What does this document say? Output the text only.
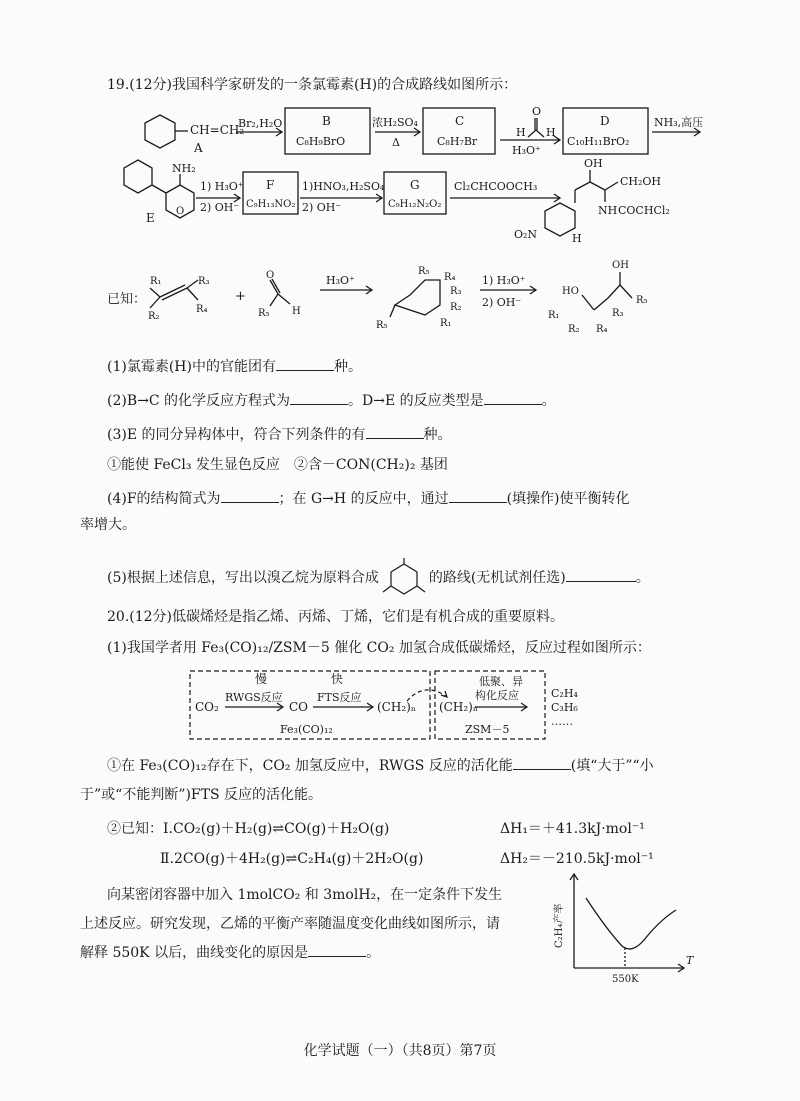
19.(12分)我国科学家研发的一条氯霉素(H)的合成路线如图所示：
CH=CH₂
A
Br₂,H₂O	B
C₈H₉BrO
浓H₂SO₄
Δ
C
C₈H₇Br
O
H H
H₃O⁺
D
C₁₀H₁₁BrO₂
NH₃,高压
NH₂
O
E
1) H₃O⁺
2) OH⁻
F
C₉H₁₃NO₂
1)HNO₃,H₂SO₄
2) OH⁻
G
C₉H₁₂N₂O₂
Cl₂CHCOOCH₃
OH
CH₂OH
NH COCHCl₂
O₂N	H
已知：
R₁
R₂
R₃
R₄
+
O
R₅ H
H₃O⁺
R₅
R₄
R₃
R₂
R₁
R₅
1) H₃O⁺
2) OH⁻
OH
HO
R₅
R₁	R₃
R₂ R₄
(1)氯霉素(H)中的官能团有	种。
(2)B→C 的化学反应方程式为	。D→E 的反应类型是	。
(3)E 的同分异构体中，符合下列条件的有	种。
①能使 FeCl₃ 发生显色反应　②含－CON(CH₂)₂ 基团
(4)F的结构简式为	；在 G→H 的反应中，通过	(填操作)使平衡转化
率增大。
(5)根据上述信息，写出以溴乙烷为原料合成	的路线(无机试剂任选)	。
20.(12分)低碳烯烃是指乙烯、丙烯、丁烯，它们是有机合成的重要原料。
(1)我国学者用 Fe₃(CO)₁₂/ZSM－5 催化 CO₂ 加氢合成低碳烯烃，反应过程如图所示：
慢	快
CO₂
RWGS反应
CO
FTS反应
(CH₂)ₙ
Fe₃(CO)₁₂
低聚、异
构化反应
(CH₂)ₙ
ZSM－5
C₂H₄
C₃H₆
……
①在 Fe₃(CO)₁₂存在下，CO₂ 加氢反应中，RWGS 反应的活化能	(填“大于”“小
于”或“不能判断”)FTS 反应的活化能。
②已知：Ⅰ.CO₂(g)＋H₂(g)⇌CO(g)＋H₂O(g)	ΔH₁＝＋41.3kJ·mol⁻¹
Ⅱ.2CO(g)＋4H₂(g)⇌C₂H₄(g)＋2H₂O(g)	ΔH₂＝－210.5kJ·mol⁻¹
向某密闭容器中加入 1molCO₂ 和 3molH₂，在一定条件下发生
上述反应。研究发现，乙烯的平衡产率随温度变化曲线如图所示，请
解释 550K 以后，曲线变化的原因是	。
C₂H₄产率
T
550K
化学试题（一）（共8页）第7页
